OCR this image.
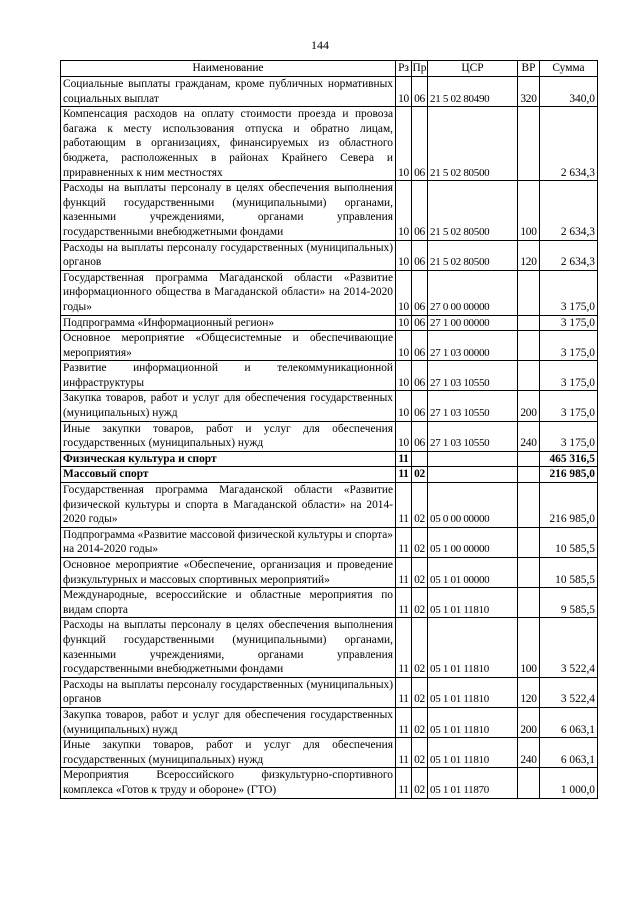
144
Наименование	Рз	Пр	ЦСР	ВР	Сумма
Социальные выплаты гражданам, кроме публичных нормативных социальных выплат	10	06	21 5 02 80490	320	340,0
Компенсация расходов на оплату стоимости проезда и провоза багажа к месту использования отпуска и обратно лицам, работающим в организациях, финансируемых из областного бюджета, расположенных в районах Крайнего Севера и приравненных к ним местностях	10	06	21 5 02 80500		2 634,3
Расходы на выплаты персоналу в целях обеспечения выполнения функций государственными (муниципальными) органами, казенными учреждениями, органами управления государственными внебюджетными фондами	10	06	21 5 02 80500	100	2 634,3
Расходы на выплаты персоналу государственных (муниципальных) органов	10	06	21 5 02 80500	120	2 634,3
Государственная программа Магаданской области «Развитие информационного общества в Магаданской области» на 2014-2020 годы»	10	06	27 0 00 00000		3 175,0
Подпрограмма «Информационный регион»	10	06	27 1 00 00000		3 175,0
Основное мероприятие «Общесистемные и обеспечивающие мероприятия»	10	06	27 1 03 00000		3 175,0
Развитие информационной и телекоммуникационной инфраструктуры	10	06	27 1 03 10550		3 175,0
Закупка товаров, работ и услуг для обеспечения государственных (муниципальных) нужд	10	06	27 1 03 10550	200	3 175,0
Иные закупки товаров, работ и услуг для обеспечения государственных (муниципальных) нужд	10	06	27 1 03 10550	240	3 175,0
Физическая культура и спорт	11				465 316,5
Массовый спорт	11	02			216 985,0
Государственная программа Магаданской области «Развитие физической культуры и спорта в Магаданской области» на 2014-2020 годы»	11	02	05 0 00 00000		216 985,0
Подпрограмма «Развитие массовой физической культуры и спорта» на 2014-2020 годы»	11	02	05 1 00 00000		10 585,5
Основное мероприятие «Обеспечение, организация и проведение физкультурных и массовых спортивных мероприятий»	11	02	05 1 01 00000		10 585,5
Международные, всероссийские и областные мероприятия по видам спорта	11	02	05 1 01 11810		9 585,5
Расходы на выплаты персоналу в целях обеспечения выполнения функций государственными (муниципальными) органами, казенными учреждениями, органами управления государственными внебюджетными фондами	11	02	05 1 01 11810	100	3 522,4
Расходы на выплаты персоналу государственных (муниципальных) органов	11	02	05 1 01 11810	120	3 522,4
Закупка товаров, работ и услуг для обеспечения государственных (муниципальных) нужд	11	02	05 1 01 11810	200	6 063,1
Иные закупки товаров, работ и услуг для обеспечения государственных (муниципальных) нужд	11	02	05 1 01 11810	240	6 063,1
Мероприятия Всероссийского физкультурно-спортивного комплекса «Готов к труду и обороне» (ГТО)	11	02	05 1 01 11870		1 000,0
